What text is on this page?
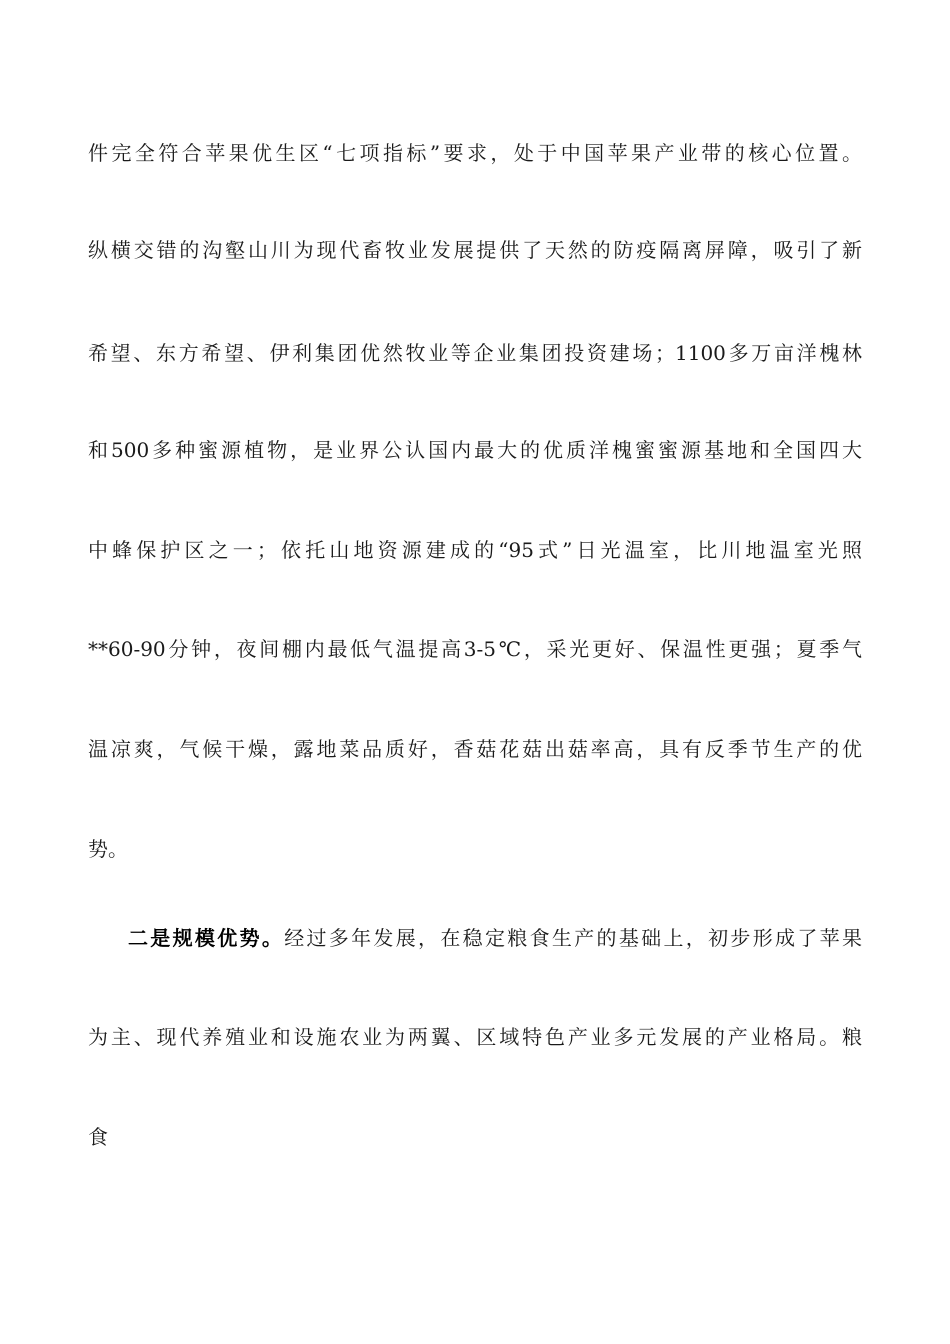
件完全符合苹果优生区“七项指标”要求，处于中国苹果产业带的核心位置。
纵横交错的沟壑山川为现代畜牧业发展提供了天然的防疫隔离屏障，吸引了新
希望、东方希望、伊利集团优然牧业等企业集团投资建场；1100多万亩洋槐林
和500多种蜜源植物，是业界公认国内最大的优质洋槐蜜蜜源基地和全国四大
中蜂保护区之一；依托山地资源建成的“95式”日光温室，比川地温室光照
**60-90分钟，夜间棚内最低气温提高3-5℃，采光更好、保温性更强；夏季气
温凉爽，气候干燥，露地菜品质好，香菇花菇出菇率高，具有反季节生产的优
势。
二是规模优势。经过多年发展，在稳定粮食生产的基础上，初步形成了苹果
为主、现代养殖业和设施农业为两翼、区域特色产业多元发展的产业格局。粮
食
